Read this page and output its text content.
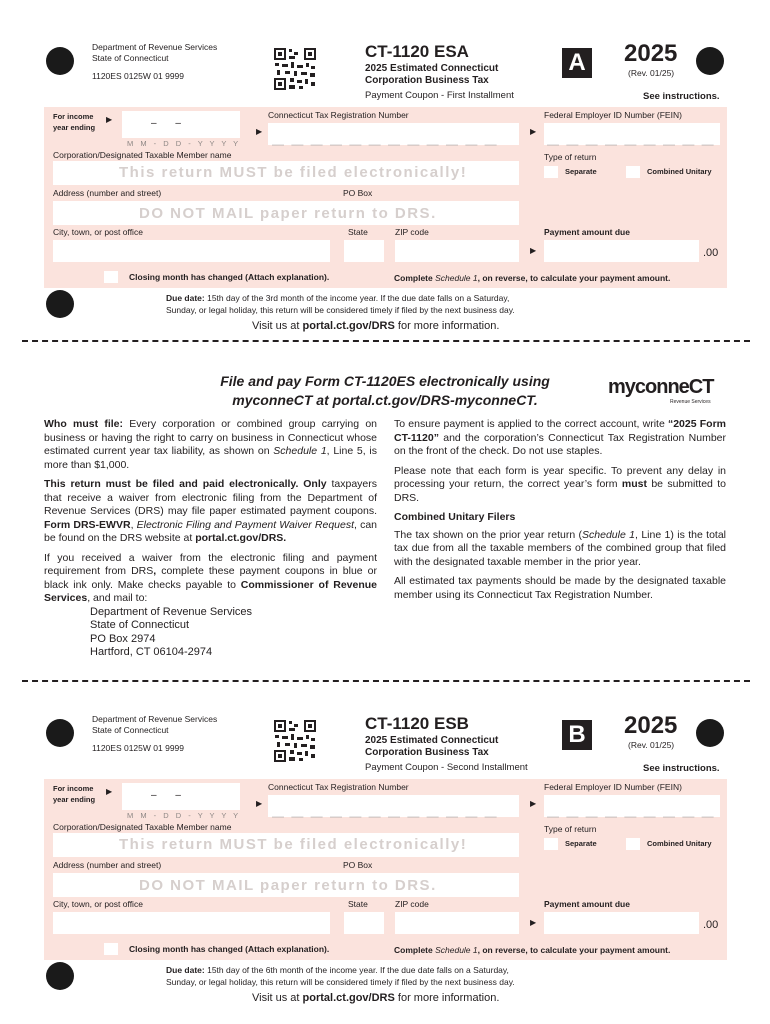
Department of Revenue Services
State of Connecticut
1120ES 0125W 01 9999
CT-1120 ESA
2025 Estimated Connecticut
Corporation Business Tax
Payment Coupon - First Installment
A 2025
(Rev. 01/25)
See instructions.
For income
year ending
▶	– –
M M - D D - Y Y Y Y
Connecticut Tax Registration Number
▶
— — — — — — — — — — — —
Federal Employer ID Number (FEIN)
▶
— — — — — — — — —
Corporation/Designated Taxable Member name
This return MUST be filed electronically!
Type of return
Separate	Combined Unitary
Address (number and street)	PO Box
DO NOT MAIL paper return to DRS.
City, town, or post office	State	ZIP code	Payment amount due
▶	.00
Closing month has changed (Attach explanation).	Complete Schedule 1, on reverse, to calculate your payment amount.
Due date: 15th day of the 3rd month of the income year. If the due date falls on a Saturday,
Sunday, or legal holiday, this return will be considered timely if filed by the next business day.
Visit us at portal.ct.gov/DRS for more information.
Department of Revenue Services
State of Connecticut
1120ES 0125W 01 9999
CT-1120 ESB
2025 Estimated Connecticut
Corporation Business Tax
Payment Coupon - Second Installment
B 2025
(Rev. 01/25)
See instructions.
For income
year ending
▶	– –
M M - D D - Y Y Y Y
Connecticut Tax Registration Number
▶
— — — — — — — — — — — —
Federal Employer ID Number (FEIN)
▶
— — — — — — — — —
Corporation/Designated Taxable Member name
This return MUST be filed electronically!
Type of return
Separate	Combined Unitary
Address (number and street)	PO Box
DO NOT MAIL paper return to DRS.
City, town, or post office	State	ZIP code	Payment amount due
▶	.00
Closing month has changed (Attach explanation).	Complete Schedule 1, on reverse, to calculate your payment amount.
Due date: 15th day of the 6th month of the income year. If the due date falls on a Saturday,
Sunday, or legal holiday, this return will be considered timely if filed by the next business day.
Visit us at portal.ct.gov/DRS for more information.
File and pay Form CT-1120ES electronically using
myconneCT at portal.ct.gov/DRS-myconneCT.
myconneCT
Revenue Services

Who must file: Every corporation or combined group carrying on business or having the right to carry on business in Connecticut whose estimated current year tax liability, as shown on Schedule 1, Line 5, is more than $1,000.

This return must be filed and paid electronically. Only taxpayers that receive a waiver from electronic filing from the Department of Revenue Services (DRS) may file paper estimated payment coupons. Form DRS-EWVR, Electronic Filing and Payment Waiver Request, can be found on the DRS website at portal.ct.gov/DRS.

If you received a waiver from the electronic filing and payment requirement from DRS, complete these payment coupons in blue or black ink only. Make checks payable to Commissioner of Revenue Services, and mail to:

Department of Revenue Services
State of Connecticut
PO Box 2974
Hartford, CT 06104-2974

To ensure payment is applied to the correct account, write “2025 Form CT-1120” and the corporation’s Connecticut Tax Registration Number on the front of the check. Do not use staples.

Please note that each form is year specific. To prevent any delay in processing your return, the correct year’s form must be submitted to DRS.

Combined Unitary Filers

The tax shown on the prior year return (Schedule 1, Line 1) is the total tax due from all the taxable members of the combined group that filed with the designated taxable member in the prior year.

All estimated tax payments should be made by the designated taxable member using its Connecticut Tax Registration Number.
